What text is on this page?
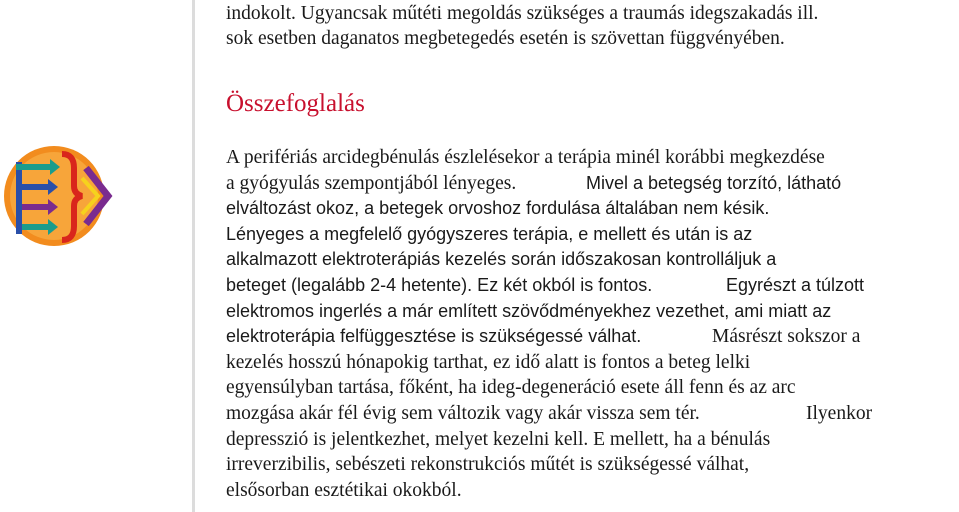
indokolt. Ugyancsak műtéti megoldás szükséges a traumás idegszakadás ill.
sok esetben daganatos megbetegedés esetén is szövettan függvényében.

Összefoglalás

A perifériás arcidegbénulás észlelésekor a terápia minél korábbi megkezdése
a gyógyulás szempontjából lényeges.	Mivel a betegség torzító, látható
elváltozást okoz, a betegek orvoshoz fordulása általában nem késik.
Lényeges a megfelelő gyógyszeres terápia, e mellett és után is az
alkalmazott elektroterápiás kezelés során időszakosan kontrolláljuk a
beteget (legalább 2-4 hetente). Ez két okból is fontos.	Egyrészt a túlzott
elektromos ingerlés a már említett szövődményekhez vezethet, ami miatt az
elektroterápia felfüggesztése is szükségessé válhat.	Másrészt sokszor a
kezelés hosszú hónapokig tarthat, ez idő alatt is fontos a beteg lelki
egyensúlyban tartása, főként, ha ideg-degeneráció esete áll fenn és az arc
mozgása akár fél évig sem változik vagy akár vissza sem tér.	Ilyenkor
depresszió is jelentkezhet, melyet kezelni kell. E mellett, ha a bénulás
irreverzibilis, sebészeti rekonstrukciós műtét is szükségessé válhat,
elsősorban esztétikai okokból.
